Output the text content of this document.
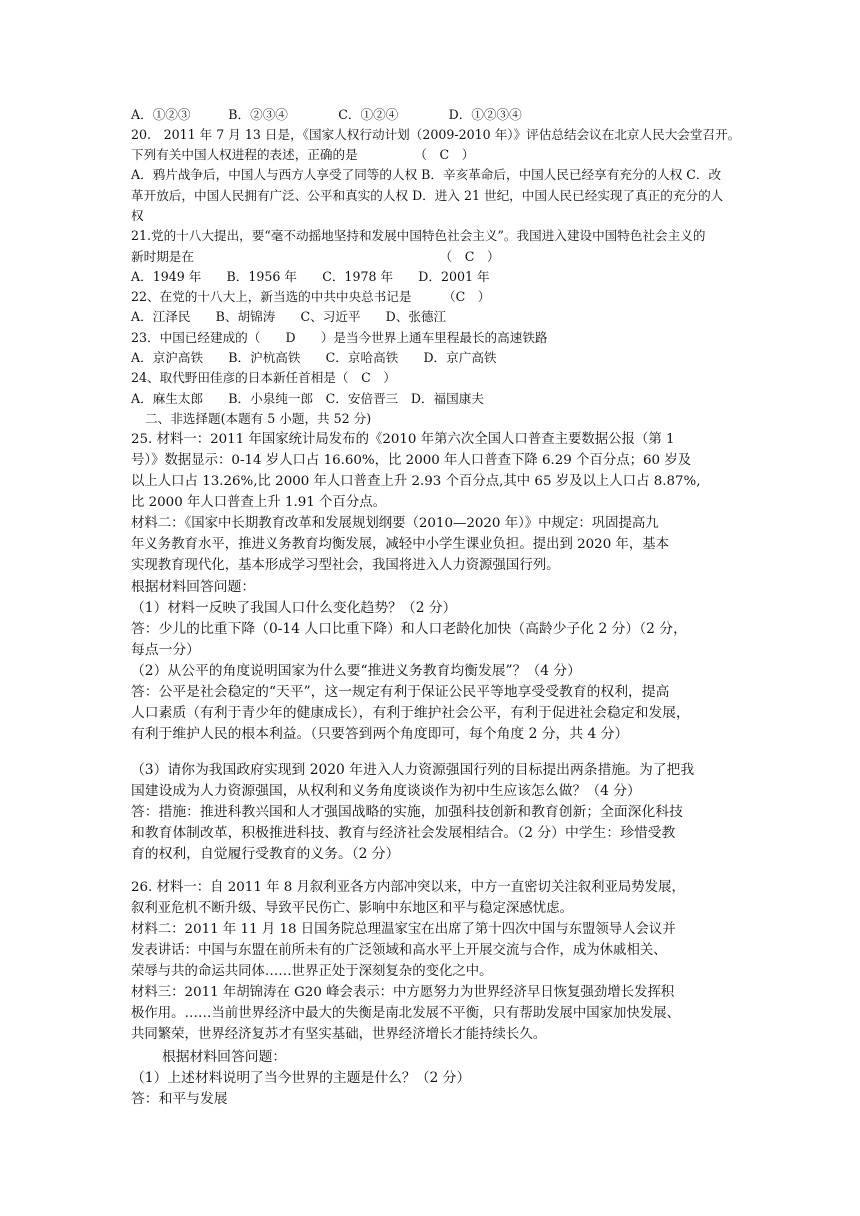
A．①②③　　　B．②③④　　　　C．①②④　　　　D．①②③④
20.　2011 年 7 月 13 日是，《国家人权行动计划（2009-2010 年）》评估总结会议在北京人民大会堂召开。
下列有关中国人权进程的表述，正确的是　　　　　（　C　）
A．鸦片战争后，中国人与西方人享受了同等的人权 B．辛亥革命后，中国人民已经享有充分的人权 C．改
革开放后，中国人民拥有广泛、公平和真实的人权 D．进入 21 世纪，中国人民已经实现了真正的充分的人
权
21.党的十八大提出，要“毫不动摇地坚持和发展中国特色社会主义”。我国进入建设中国特色社会主义的
新时期是在　　　　　　　　　　　　　　　　　　　　（　C　）
A．1949 年　　B．1956 年　　C．1978 年　　D．2001 年
22、在党的十八大上，新当选的中共中央总书记是　　　（C　）
A．江泽民　　B、胡锦涛　　C、习近平　　D、张德江
23．中国已经建成的（　　D　　）是当今世界上通车里程最长的高速铁路
A．京沪高铁　　B．沪杭高铁　　C．京哈高铁　　D．京广高铁
24、取代野田佳彦的日本新任首相是（　C　）
A．麻生太郎　　B．小泉纯一郎　C．安倍晋三　D．福国康夫
二、非选择题(本题有 5 小题，共 52 分)
25. 材料一：2011 年国家统计局发布的《2010 年第六次全国人口普查主要数据公报（第 1
号）》数据显示：0-14 岁人口占 16.60%，比 2000 年人口普查下降 6.29 个百分点；60 岁及
以上人口占 13.26%,比 2000 年人口普查上升 2.93 个百分点,其中 65 岁及以上人口占 8.87%,
比 2000 年人口普查上升 1.91 个百分点。
材料二：《国家中长期教育改革和发展规划纲要（2010—2020 年）》中规定：巩固提高九
年义务教育水平，推进义务教育均衡发展，减轻中小学生课业负担。提出到 2020 年，基本
实现教育现代化，基本形成学习型社会，我国将进入人力资源强国行列。
根据材料回答问题：
（1）材料一反映了我国人口什么变化趋势？（2 分）
答：少儿的比重下降（0-14 人口比重下降）和人口老龄化加快（高龄少子化 2 分）（2 分，
每点一分）
（2）从公平的角度说明国家为什么要“推进义务教育均衡发展”？（4 分）
答：公平是社会稳定的“天平”，这一规定有利于保证公民平等地享受受教育的权利，提高
人口素质（有利于青少年的健康成长），有利于维护社会公平，有利于促进社会稳定和发展，
有利于维护人民的根本利益。（只要答到两个角度即可，每个角度 2 分，共 4 分）
（3）请你为我国政府实现到 2020 年进入人力资源强国行列的目标提出两条措施。为了把我
国建设成为人力资源强国，从权利和义务角度谈谈作为初中生应该怎么做？（4 分）
答：措施：推进科教兴国和人才强国战略的实施，加强科技创新和教育创新；全面深化科技
和教育体制改革，积极推进科技、教育与经济社会发展相结合。（2 分）中学生：珍惜受教
育的权利，自觉履行受教育的义务。（2 分）
26. 材料一：自 2011 年 8 月叙利亚各方内部冲突以来，中方一直密切关注叙利亚局势发展，
叙利亚危机不断升级、导致平民伤亡、影响中东地区和平与稳定深感忧虑。
材料二：2011 年 11 月 18 日国务院总理温家宝在出席了第十四次中国与东盟领导人会议并
发表讲话：中国与东盟在前所未有的广泛领域和高水平上开展交流与合作，成为休戚相关、
荣辱与共的命运共同体……世界正处于深刻复杂的变化之中。
材料三：2011 年胡锦涛在 G20 峰会表示：中方愿努力为世界经济早日恢复强劲增长发挥积
极作用。……当前世界经济中最大的失衡是南北发展不平衡，只有帮助发展中国家加快发展、
共同繁荣，世界经济复苏才有坚实基础，世界经济增长才能持续长久。
根据材料回答问题：
（1）上述材料说明了当今世界的主题是什么？（2 分）
答：和平与发展
